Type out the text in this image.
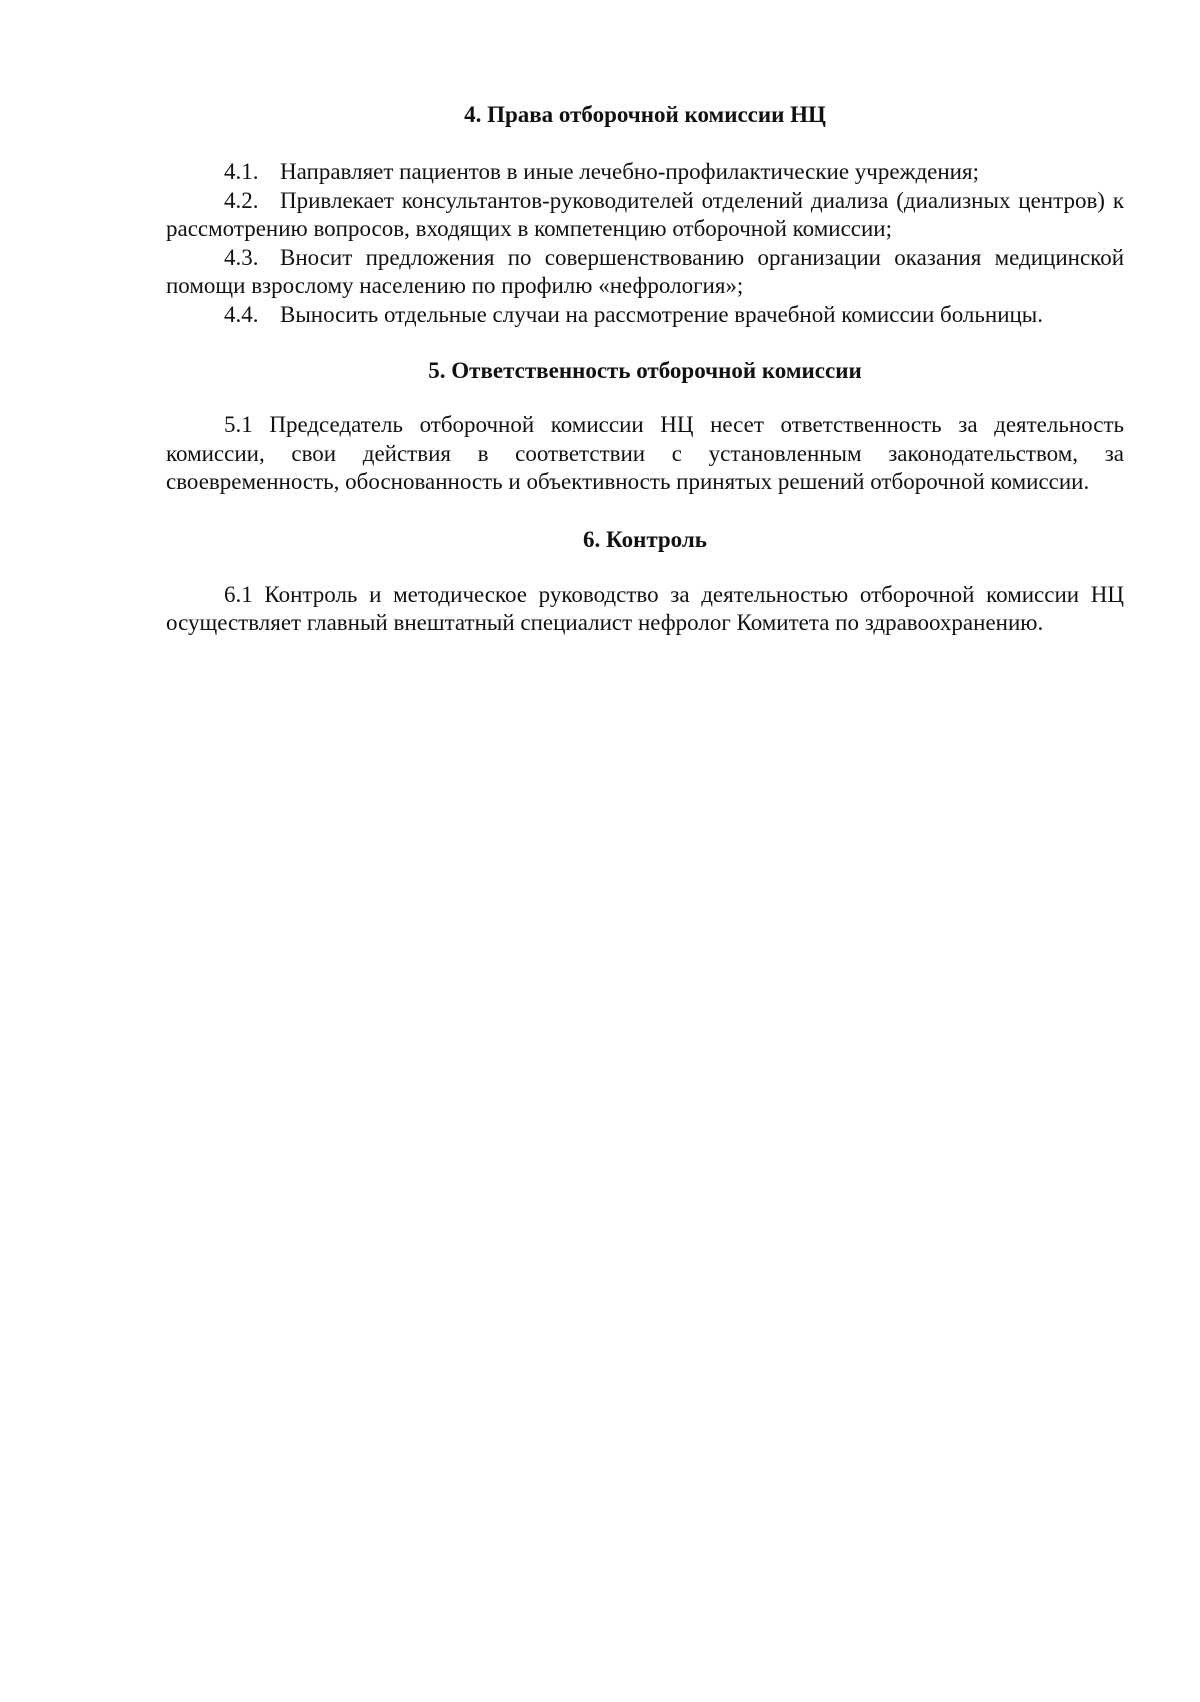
4. Права отборочной комиссии НЦ

4.1. Направляет пациентов в иные лечебно-профилактические учреждения;

4.2. Привлекает консультантов-руководителей отделений диализа (диализных центров) к рассмотрению вопросов, входящих в компетенцию отборочной комиссии;

4.3. Вносит предложения по совершенствованию организации оказания медицинской помощи взрослому населению по профилю «нефрология»;

4.4. Выносить отдельные случаи на рассмотрение врачебной комиссии больницы.

5. Ответственность отборочной комиссии

5.1 Председатель отборочной комиссии НЦ несет ответственность за деятельность комиссии, свои действия в соответствии с установленным законодательством, за своевременность, обоснованность и объективность принятых решений отборочной комиссии.

6. Контроль

6.1 Контроль и методическое руководство за деятельностью отборочной комиссии НЦ осуществляет главный внештатный специалист нефролог Комитета по здравоохранению.
